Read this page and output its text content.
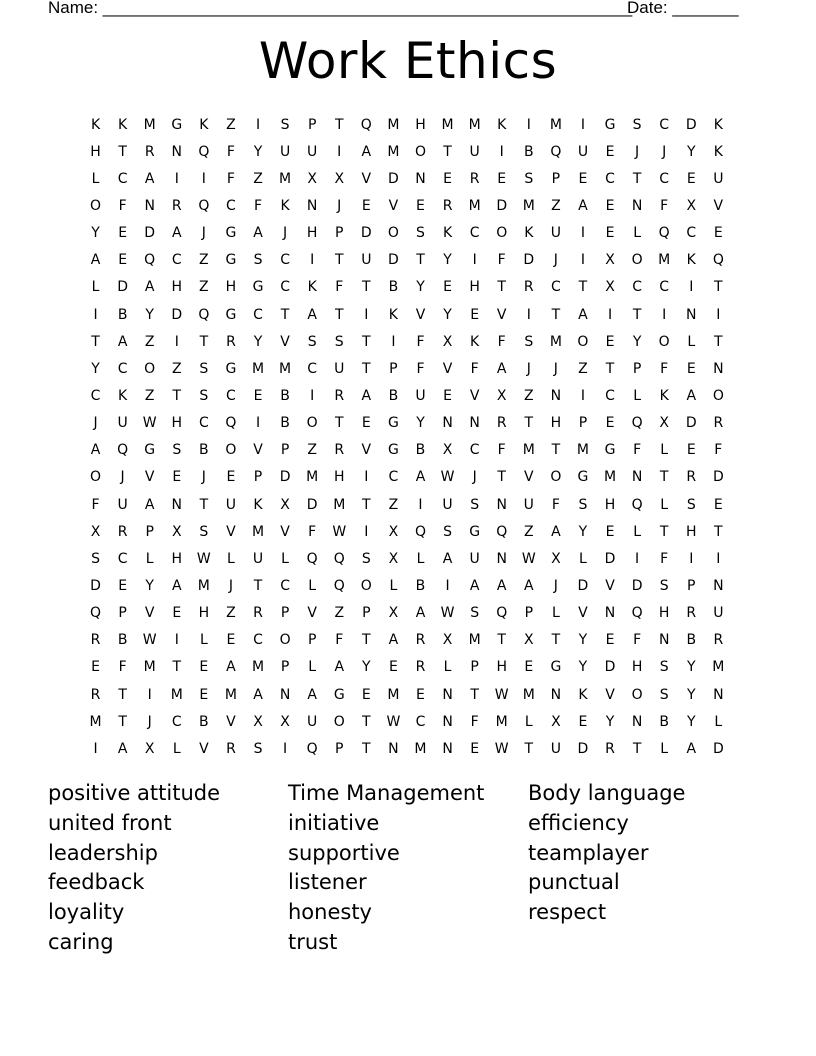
Name: ________________________________________________________
Date: _______
Work Ethics
K	K	M	G	K	Z	I	S	P	T	Q	M	H	M	M	K	I	M	I	G	S	C	D	K
H	T	R	N	Q	F	Y	U	U	I	A	M	O	T	U	I	B	Q	U	E	J	J	Y	K
L	C	A	I	I	F	Z	M	X	X	V	D	N	E	R	E	S	P	E	C	T	C	E	U
O	F	N	R	Q	C	F	K	N	J	E	V	E	R	M	D	M	Z	A	E	N	F	X	V
Y	E	D	A	J	G	A	J	H	P	D	O	S	K	C	O	K	U	I	E	L	Q	C	E
A	E	Q	C	Z	G	S	C	I	T	U	D	T	Y	I	F	D	J	I	X	O	M	K	Q
L	D	A	H	Z	H	G	C	K	F	T	B	Y	E	H	T	R	C	T	X	C	C	I	T
I	B	Y	D	Q	G	C	T	A	T	I	K	V	Y	E	V	I	T	A	I	T	I	N	I
T	A	Z	I	T	R	Y	V	S	S	T	I	F	X	K	F	S	M	O	E	Y	O	L	T
Y	C	O	Z	S	G	M	M	C	U	T	P	F	V	F	A	J	J	Z	T	P	F	E	N
C	K	Z	T	S	C	E	B	I	R	A	B	U	E	V	X	Z	N	I	C	L	K	A	O
J	U	W	H	C	Q	I	B	O	T	E	G	Y	N	N	R	T	H	P	E	Q	X	D	R
A	Q	G	S	B	O	V	P	Z	R	V	G	B	X	C	F	M	T	M	G	F	L	E	F
O	J	V	E	J	E	P	D	M	H	I	C	A	W	J	T	V	O	G	M	N	T	R	D
F	U	A	N	T	U	K	X	D	M	T	Z	I	U	S	N	U	F	S	H	Q	L	S	E
X	R	P	X	S	V	M	V	F	W	I	X	Q	S	G	Q	Z	A	Y	E	L	T	H	T
S	C	L	H	W	L	U	L	Q	Q	S	X	L	A	U	N	W	X	L	D	I	F	I	I
D	E	Y	A	M	J	T	C	L	Q	O	L	B	I	A	A	A	J	D	V	D	S	P	N
Q	P	V	E	H	Z	R	P	V	Z	P	X	A	W	S	Q	P	L	V	N	Q	H	R	U
R	B	W	I	L	E	C	O	P	F	T	A	R	X	M	T	X	T	Y	E	F	N	B	R
E	F	M	T	E	A	M	P	L	A	Y	E	R	L	P	H	E	G	Y	D	H	S	Y	M
R	T	I	M	E	M	A	N	A	G	E	M	E	N	T	W	M	N	K	V	O	S	Y	N
M	T	J	C	B	V	X	X	U	O	T	W	C	N	F	M	L	X	E	Y	N	B	Y	L
I	A	X	L	V	R	S	I	Q	P	T	N	M	N	E	W	T	U	D	R	T	L	A	D
positive attitude
united front
leadership
feedback
loyality
caring
Time Management
initiative
supportive
listener
honesty
trust
Body language
efficiency
teamplayer
punctual
respect
